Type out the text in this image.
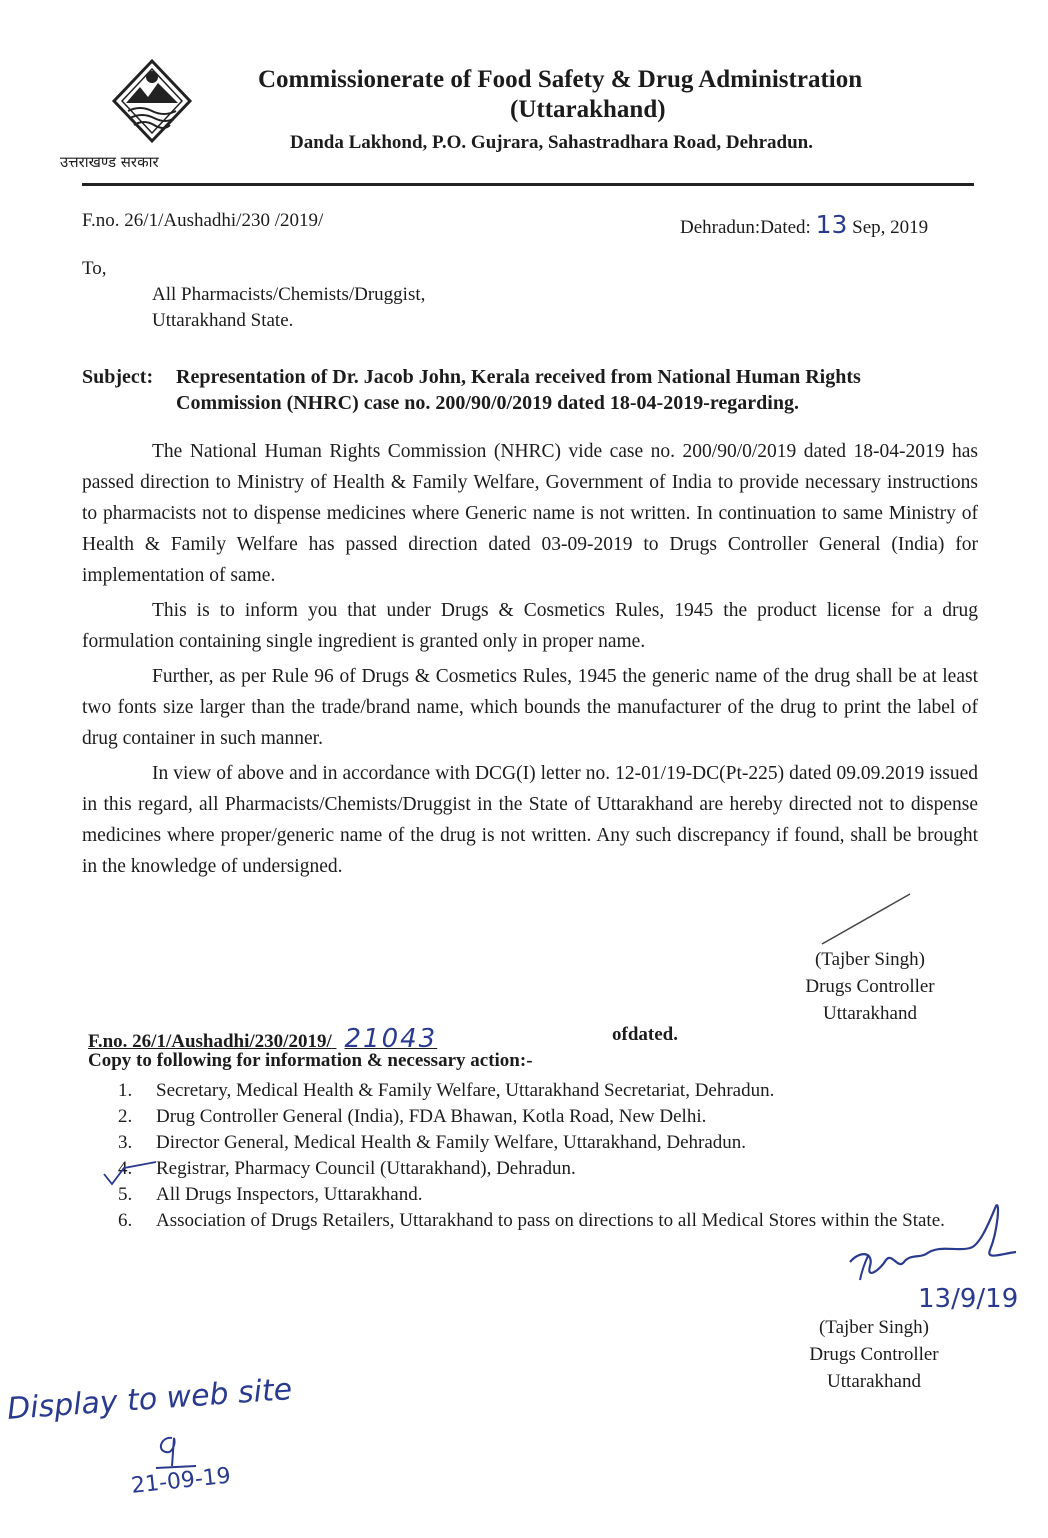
उत्तराखण्ड सरकार
Commissionerate of Food Safety & Drug Administration
(Uttarakhand)
Danda Lakhond, P.O. Gujrara, Sahastradhara Road, Dehradun.
F.no. 26/1/Aushadhi/230 /2019/	Dehradun:Dated: 13 Sep, 2019
To,
All Pharmacists/Chemists/Druggist,
Uttarakhand State.
Subject: Representation of Dr. Jacob John, Kerala received from National Human Rights
Commission (NHRC) case no. 200/90/0/2019 dated 18-04-2019-regarding.

The National Human Rights Commission (NHRC) vide case no. 200/90/0/2019 dated 18-04-2019 has passed direction to Ministry of Health & Family Welfare, Government of India to provide necessary instructions to pharmacists not to dispense medicines where Generic name is not written. In continuation to same Ministry of Health & Family Welfare has passed direction dated 03-09-2019 to Drugs Controller General (India) for implementation of same.

This is to inform you that under Drugs & Cosmetics Rules, 1945 the product license for a drug formulation containing single ingredient is granted only in proper name.

Further, as per Rule 96 of Drugs & Cosmetics Rules, 1945 the generic name of the drug shall be at least two fonts size larger than the trade/brand name, which bounds the manufacturer of the drug to print the label of drug container in such manner.

In view of above and in accordance with DCG(I) letter no. 12-01/19-DC(Pt-225) dated 09.09.2019 issued in this regard, all Pharmacists/Chemists/Druggist in the State of Uttarakhand are hereby directed not to dispense medicines where proper/generic name of the drug is not written. Any such discrepancy if found, shall be brought in the knowledge of undersigned.

(Tajber Singh)
Drugs Controller
Uttarakhand
F.no. 26/1/Aushadhi/230/2019/ 21043	ofdated.
Copy to following for information & necessary action:-
1. Secretary, Medical Health & Family Welfare, Uttarakhand Secretariat, Dehradun.
2. Drug Controller General (India), FDA Bhawan, Kotla Road, New Delhi.
3. Director General, Medical Health & Family Welfare, Uttarakhand, Dehradun.
4. Registrar, Pharmacy Council (Uttarakhand), Dehradun.
5. All Drugs Inspectors, Uttarakhand.
6. Association of Drugs Retailers, Uttarakhand to pass on directions to all Medical Stores within the State.
13/9/19
(Tajber Singh)
Drugs Controller
Uttarakhand
Display to web site
21-09-19
